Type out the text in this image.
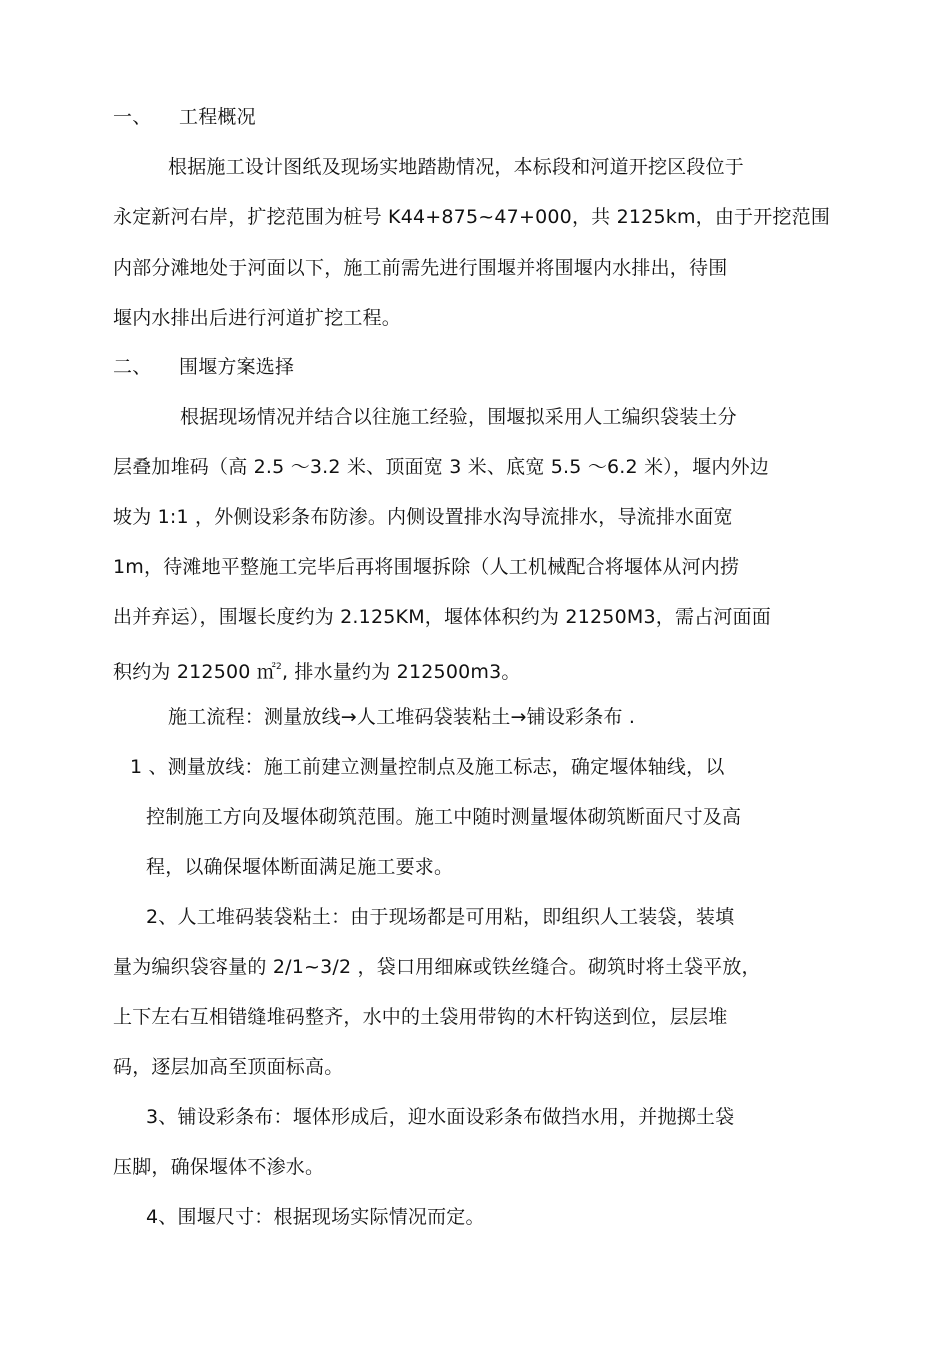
一、 工程概况
根据施工设计图纸及现场实地踏勘情况，本标段和河道开挖区段位于
永定新河右岸，扩挖范围为桩号 K44+875~47+000，共 2125km，由于开挖范围
内部分滩地处于河面以下，施工前需先进行围堰并将围堰内水排出，待围
堰内水排出后进行河道扩挖工程。
二、 围堰方案选择
根据现场情况并结合以往施工经验，围堰拟采用人工编织袋装土分
层叠加堆码（高 2.5 ～3.2 米、顶面宽 3 米、底宽 5.5 ～6.2 米），堰内外边
坡为 1:1 ，外侧设彩条布防渗。内侧设置排水沟导流排水，导流排水面宽
1m，待滩地平整施工完毕后再将围堰拆除（人工机械配合将堰体从河内捞
出并弃运），围堰长度约为 2.125KM，堰体体积约为 21250M3，需占河面面
积约为 212500 ㎡$^2$, 排水量约为 212500m3。
施工流程：测量放线→人工堆码袋装粘土→铺设彩条布 .
1 、测量放线：施工前建立测量控制点及施工标志，确定堰体轴线，以
控制施工方向及堰体砌筑范围。施工中随时测量堰体砌筑断面尺寸及高
程，以确保堰体断面满足施工要求。
2、人工堆码装袋粘土：由于现场都是可用粘，即组织人工装袋，装填
量为编织袋容量的 2/1~3/2 ，袋口用细麻或铁丝缝合。砌筑时将土袋平放，
上下左右互相错缝堆码整齐，水中的土袋用带钩的木杆钩送到位，层层堆
码，逐层加高至顶面标高。
3、铺设彩条布：堰体形成后，迎水面设彩条布做挡水用，并抛掷土袋
压脚，确保堰体不渗水。
4、围堰尺寸：根据现场实际情况而定。
